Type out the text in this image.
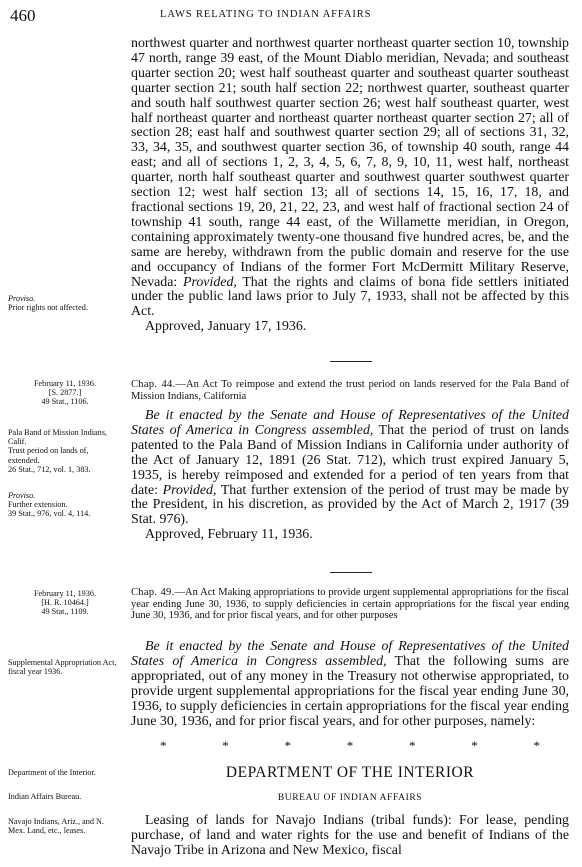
460	LAWS RELATING TO INDIAN AFFAIRS

northwest quarter and northwest quarter northeast quarter section 10, township 47 north, range 39 east, of the Mount Diablo meridian, Nevada; and southeast quarter section 20; west half southeast quarter and southeast quarter southeast quarter section 21; south half section 22; northwest quarter, southeast quarter and south half southwest quarter section 26; west half southeast quarter, west half northeast quarter and northeast quarter northeast quarter section 27; all of section 28; east half and southwest quarter section 29; all of sections 31, 32, 33, 34, 35, and southwest quarter section 36, of township 40 south, range 44 east; and all of sections 1, 2, 3, 4, 5, 6, 7, 8, 9, 10, 11, west half, northeast quarter, north half southeast quarter and southwest quarter southwest quarter section 12; west half section 13; all of sections 14, 15, 16, 17, 18, and fractional sections 19, 20, 21, 22, 23, and west half of fractional section 24 of township 41 south, range 44 east, of the Willamette meridian, in Oregon, containing approximately twenty-one thousand five hundred acres, be, and the same are hereby, withdrawn from the public domain and reserve for the use and occupancy of Indians of the former Fort McDermitt Military Reserve, Nevada: Provided, That the rights and claims of bona fide settlers initiated under the public land laws prior to July 7, 1933, shall not be affected by this Act.

Approved, January 17, 1936.

Proviso.

Prior rights not affected.

February 11, 1936.

[S. 2877.]

49 Stat., 1106.

Chap. 44.—An Act To reimpose and extend the trust period on lands reserved for the Pala Band of Mission Indians, California

Be it enacted by the Senate and House of Representatives of the United States of America in Congress assembled, That the period of trust on lands patented to the Pala Band of Mission Indians in California under authority of the Act of January 12, 1891 (26 Stat. 712), which trust expired January 5, 1935, is hereby reimposed and extended for a period of ten years from that date: Provided, That further extension of the period of trust may be made by the President, in his discretion, as provided by the Act of March 2, 1917 (39 Stat. 976).

Approved, February 11, 1936.

Pala Band of Mission Indians, Calif.

Trust period on lands of, extended.

26 Stat., 712, vol. 1, 383.

Proviso.

Further extension.

39 Stat., 976, vol. 4, 114.

February 11, 1936.

[H. R. 10464.]

49 Stat., 1109.

Chap. 49.—An Act Making appropriations to provide urgent supplemental appropriations for the fiscal year ending June 30, 1936, to supply deficiencies in certain appropriations for the fiscal year ending June 30, 1936, and for prior fiscal years, and for other purposes

Be it enacted by the Senate and House of Representatives of the United States of America in Congress assembled, That the following sums are appropriated, out of any money in the Treasury not otherwise appropriated, to provide urgent supplemental appropriations for the fiscal year ending June 30, 1936, to supply deficiencies in certain appropriations for the fiscal year ending June 30, 1936, and for prior fiscal years, and for other purposes, namely:

Supplemental Appropriation Act, fiscal year 1936.

*	*	*	*	*	*	*
DEPARTMENT OF THE INTERIOR
BUREAU OF INDIAN AFFAIRS

Leasing of lands for Navajo Indians (tribal funds): For lease, pending purchase, of land and water rights for the use and benefit of Indians of the Navajo Tribe in Arizona and New Mexico, fiscal

Department of the Interior.

Indian Affairs Bureau.

Navajo Indians, Ariz., and N. Mex. Land, etc., leases.
